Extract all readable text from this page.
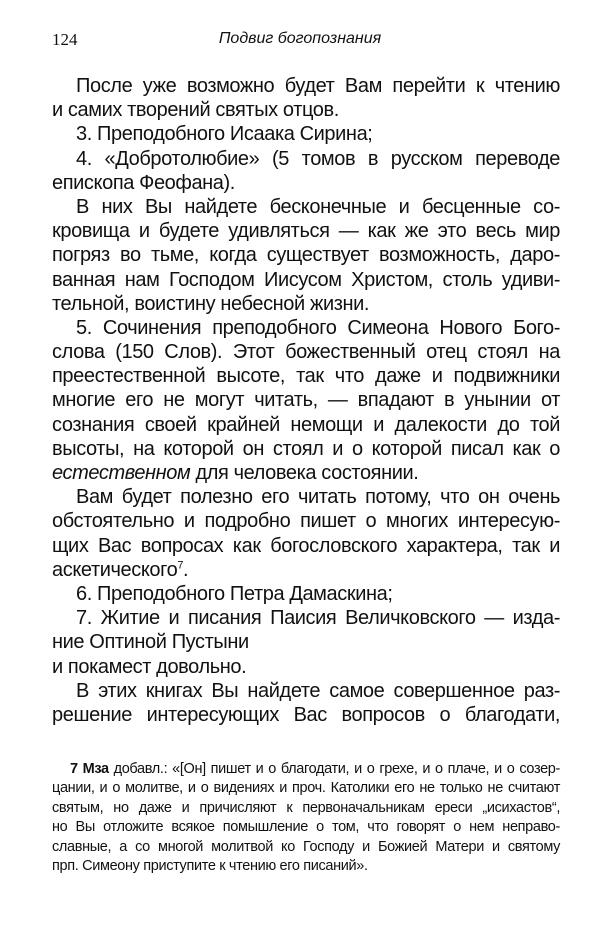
124	Подвиг богопознания
После уже возможно будет Вам перейти к чтению
и самих творений святых отцов.
3. Преподобного Исаака Сирина;
4. «Добротолюбие» (5 томов в русском переводе
епископа Феофана).
В них Вы найдете бесконечные и бесценные со-
кровища и будете удивляться — как же это весь мир
погряз во тьме, когда существует возможность, даро-
ванная нам Господом Иисусом Христом, столь удиви-
тельной, воистину небесной жизни.
5. Сочинения преподобного Симеона Нового Бого-
слова (150 Слов). Этот божественный отец стоял на
преестественной высоте, так что даже и подвижники
многие его не могут читать, — впадают в унынии от
сознания своей крайней немощи и далекости до той
высоты, на которой он стоял и о которой писал как о
естественном для человека состоянии.
Вам будет полезно его читать потому, что он очень
обстоятельно и подробно пишет о многих интересую-
щих Вас вопросах как богословского характера, так и
аскетического$^7$.
6. Преподобного Петра Дамаскина;
7. Житие и писания Паисия Величковского — изда-
ние Оптиной Пустыни
и покамест довольно.
В этих книгах Вы найдете самое совершенное раз-
решение интересующих Вас вопросов о благодати,
7 Мза добавл.: «[Он] пишет и о благодати, и о грехе, и о плаче, и о созер-
цании, и о молитве, и о видениях и проч. Католики его не только не считают
святым, но даже и причисляют к первоначальникам ереси „исихастов“,
но Вы отложите всякое помышление о том, что говорят о нем неправо-
славные, а со многой молитвой ко Господу и Божией Матери и святому
прп. Симеону приступите к чтению его писаний».
